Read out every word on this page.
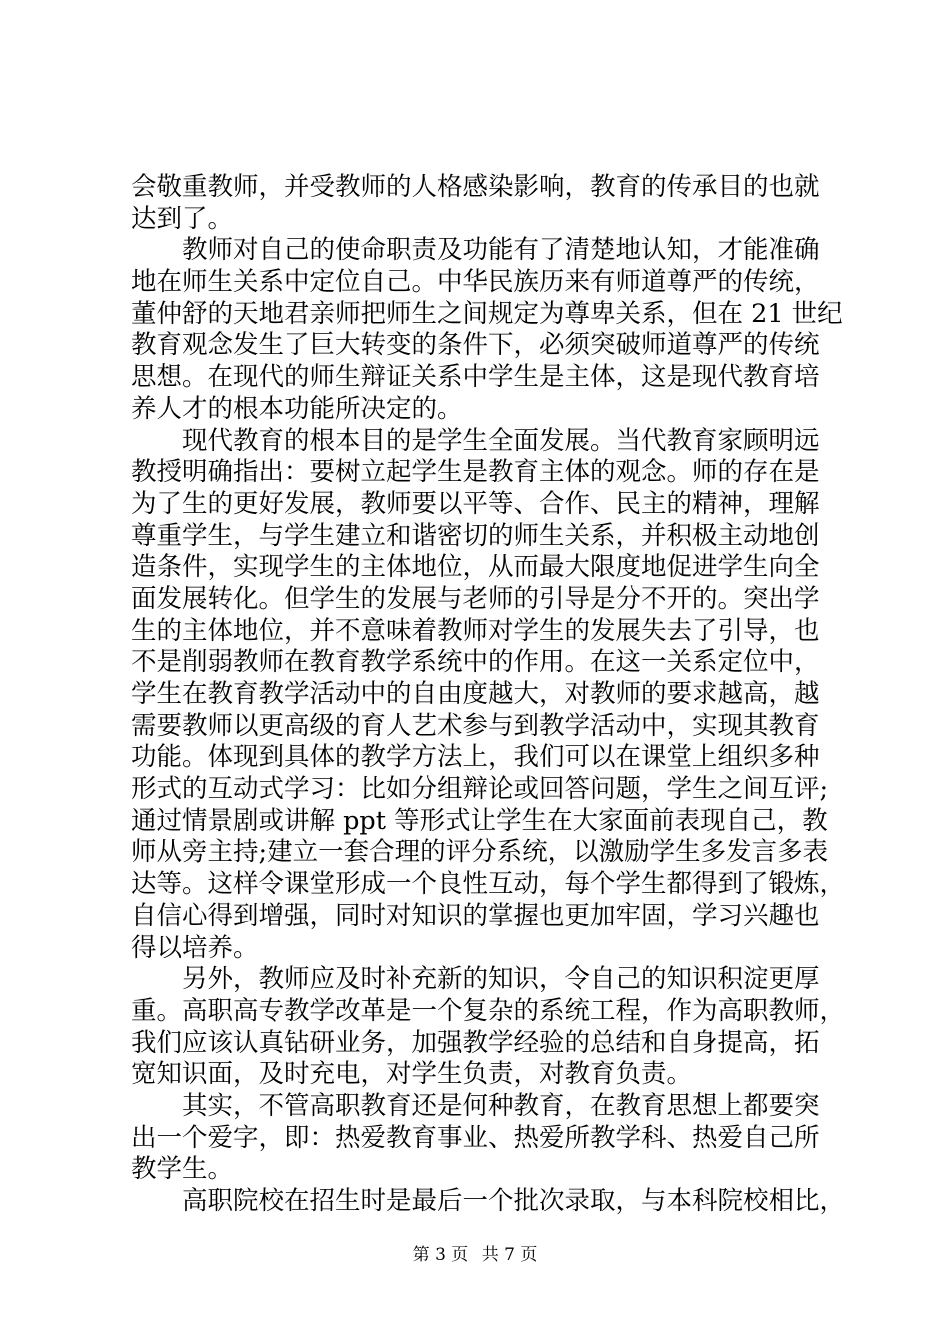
会敬重教师，并受教师的人格感染影响，教育的传承目的也就
达到了。
教师对自己的使命职责及功能有了清楚地认知，才能准确
地在师生关系中定位自己。中华民族历来有师道尊严的传统，
董仲舒的天地君亲师把师生之间规定为尊卑关系，但在 21 世纪
教育观念发生了巨大转变的条件下，必须突破师道尊严的传统
思想。在现代的师生辩证关系中学生是主体，这是现代教育培
养人才的根本功能所决定的。
现代教育的根本目的是学生全面发展。当代教育家顾明远
教授明确指出：要树立起学生是教育主体的观念。师的存在是
为了生的更好发展，教师要以平等、合作、民主的精神，理解
尊重学生，与学生建立和谐密切的师生关系，并积极主动地创
造条件，实现学生的主体地位，从而最大限度地促进学生向全
面发展转化。但学生的发展与老师的引导是分不开的。突出学
生的主体地位，并不意味着教师对学生的发展失去了引导，也
不是削弱教师在教育教学系统中的作用。在这一关系定位中，
学生在教育教学活动中的自由度越大，对教师的要求越高，越
需要教师以更高级的育人艺术参与到教学活动中，实现其教育
功能。体现到具体的教学方法上，我们可以在课堂上组织多种
形式的互动式学习：比如分组辩论或回答问题，学生之间互评;
通过情景剧或讲解 ppt 等形式让学生在大家面前表现自己，教
师从旁主持;建立一套合理的评分系统，以激励学生多发言多表
达等。这样令课堂形成一个良性互动，每个学生都得到了锻炼，
自信心得到增强，同时对知识的掌握也更加牢固，学习兴趣也
得以培养。
另外，教师应及时补充新的知识，令自己的知识积淀更厚
重。高职高专教学改革是一个复杂的系统工程，作为高职教师，
我们应该认真钻研业务，加强教学经验的总结和自身提高，拓
宽知识面，及时充电，对学生负责，对教育负责。
其实，不管高职教育还是何种教育，在教育思想上都要突
出一个爱字，即：热爱教育事业、热爱所教学科、热爱自己所
教学生。
高职院校在招生时是最后一个批次录取，与本科院校相比，
第 3 页 共 7 页
